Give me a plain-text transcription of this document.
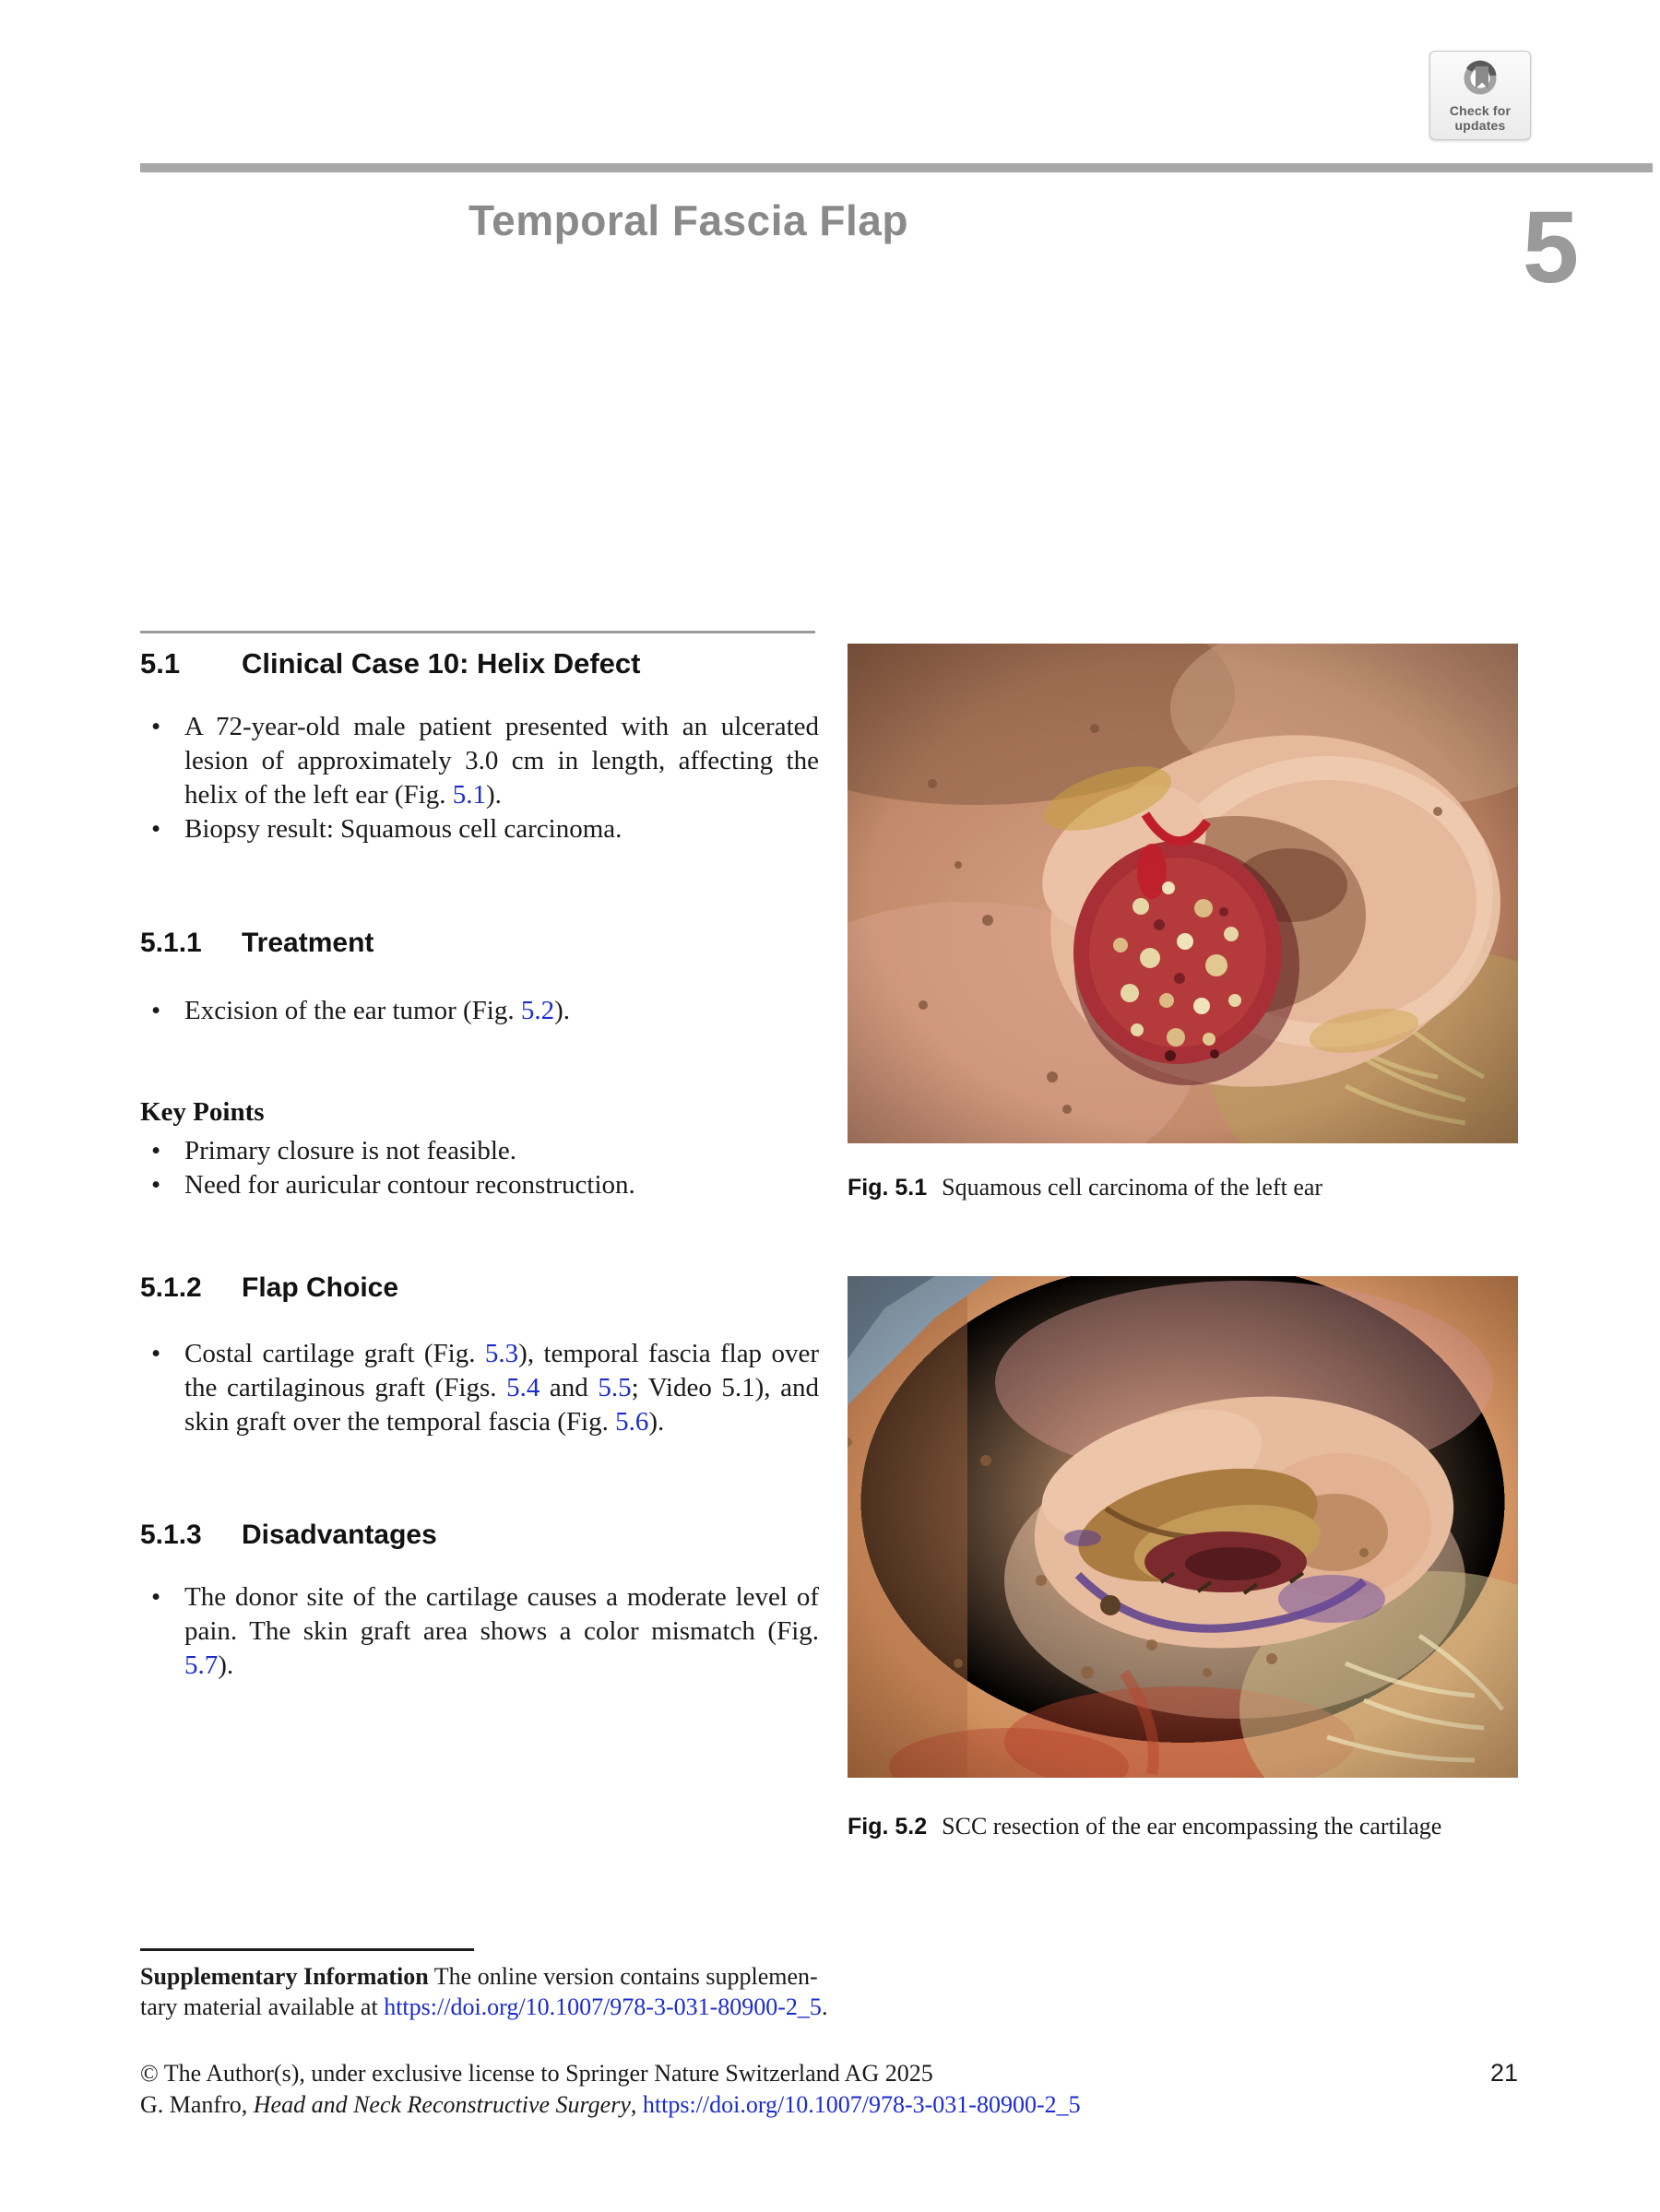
Check for
updates
Temporal Fascia Flap	5
5.1	Clinical Case 10: Helix Defect
• A 72-year-old male patient presented with an ulcerated lesion of approximately 3.0 cm in length, affecting the helix of the left ear (Fig. 5.1).
• Biopsy result: Squamous cell carcinoma.
5.1.1	Treatment
• Excision of the ear tumor (Fig. 5.2).
Key Points
• Primary closure is not feasible.
• Need for auricular contour reconstruction.
5.1.2	Flap Choice
• Costal cartilage graft (Fig. 5.3), temporal fascia flap over the cartilaginous graft (Figs. 5.4 and 5.5; Video 5.1), and skin graft over the temporal fascia (Fig. 5.6).
5.1.3	Disadvantages
• The donor site of the cartilage causes a moderate level of pain. The skin graft area shows a color mismatch (Fig. 5.7).
Fig. 5.1 Squamous cell carcinoma of the left ear
Fig. 5.2 SCC resection of the ear encompassing the cartilage
Supplementary Information The online version contains supplemen-
tary material available at https://doi.org/10.1007/978-3-031-80900-2_5.
© The Author(s), under exclusive license to Springer Nature Switzerland AG 2025
G. Manfro, Head and Neck Reconstructive Surgery, https://doi.org/10.1007/978-3-031-80900-2_5
21
